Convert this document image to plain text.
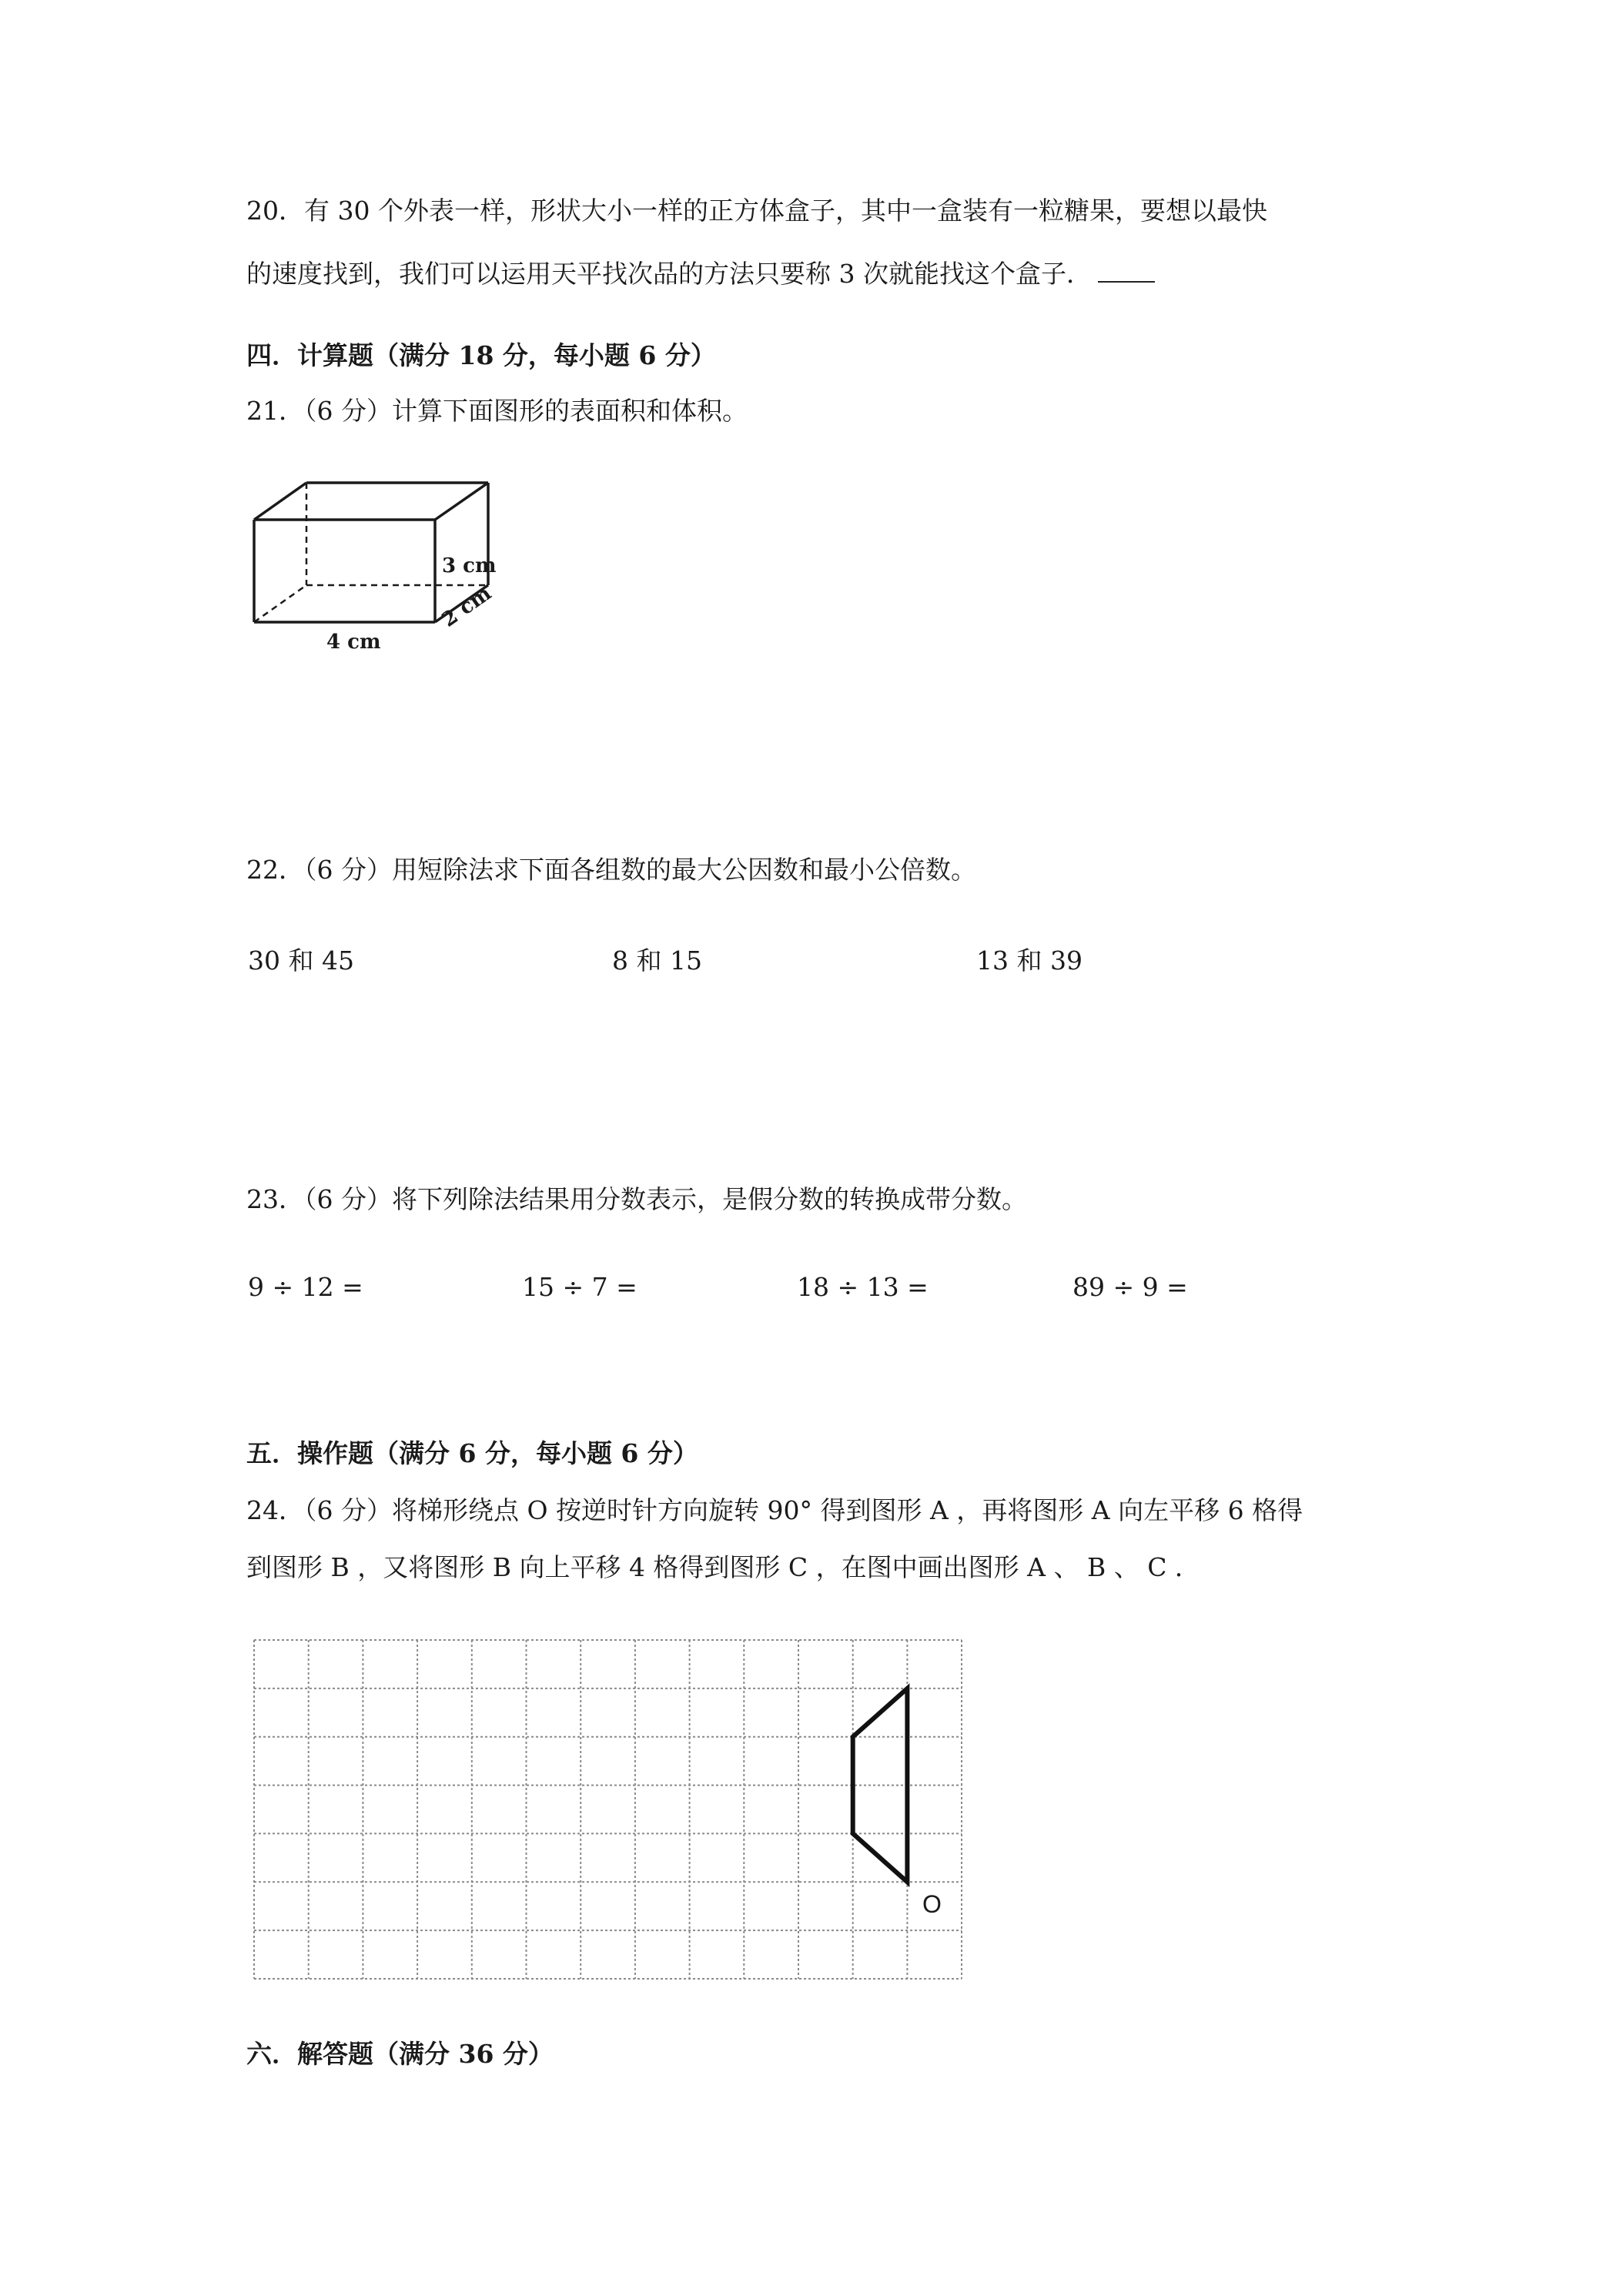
20．有 30 个外表一样，形状大小一样的正方体盒子，其中一盒装有一粒糖果，要想以最快
的速度找到，我们可以运用天平找次品的方法只要称 3 次就能找这个盒子．
四．计算题（满分 18 分，每小题 6 分）
21．（6 分）计算下面图形的表面积和体积。
3 cm
4 cm
2 cm
22．（6 分）用短除法求下面各组数的最大公因数和最小公倍数。
30 和 45	8 和 15	13 和 39
23．（6 分）将下列除法结果用分数表示，是假分数的转换成带分数。
9 ÷ 12 =	15 ÷ 7 =	18 ÷ 13 =	89 ÷ 9 =
五．操作题（满分 6 分，每小题 6 分）
24．（6 分）将梯形绕点 O 按逆时针方向旋转 90° 得到图形 A ，再将图形 A 向左平移 6 格得
到图形 B ，又将图形 B 向上平移 4 格得到图形 C ，在图中画出图形 A 、 B 、 C ．
O
六．解答题（满分 36 分）
